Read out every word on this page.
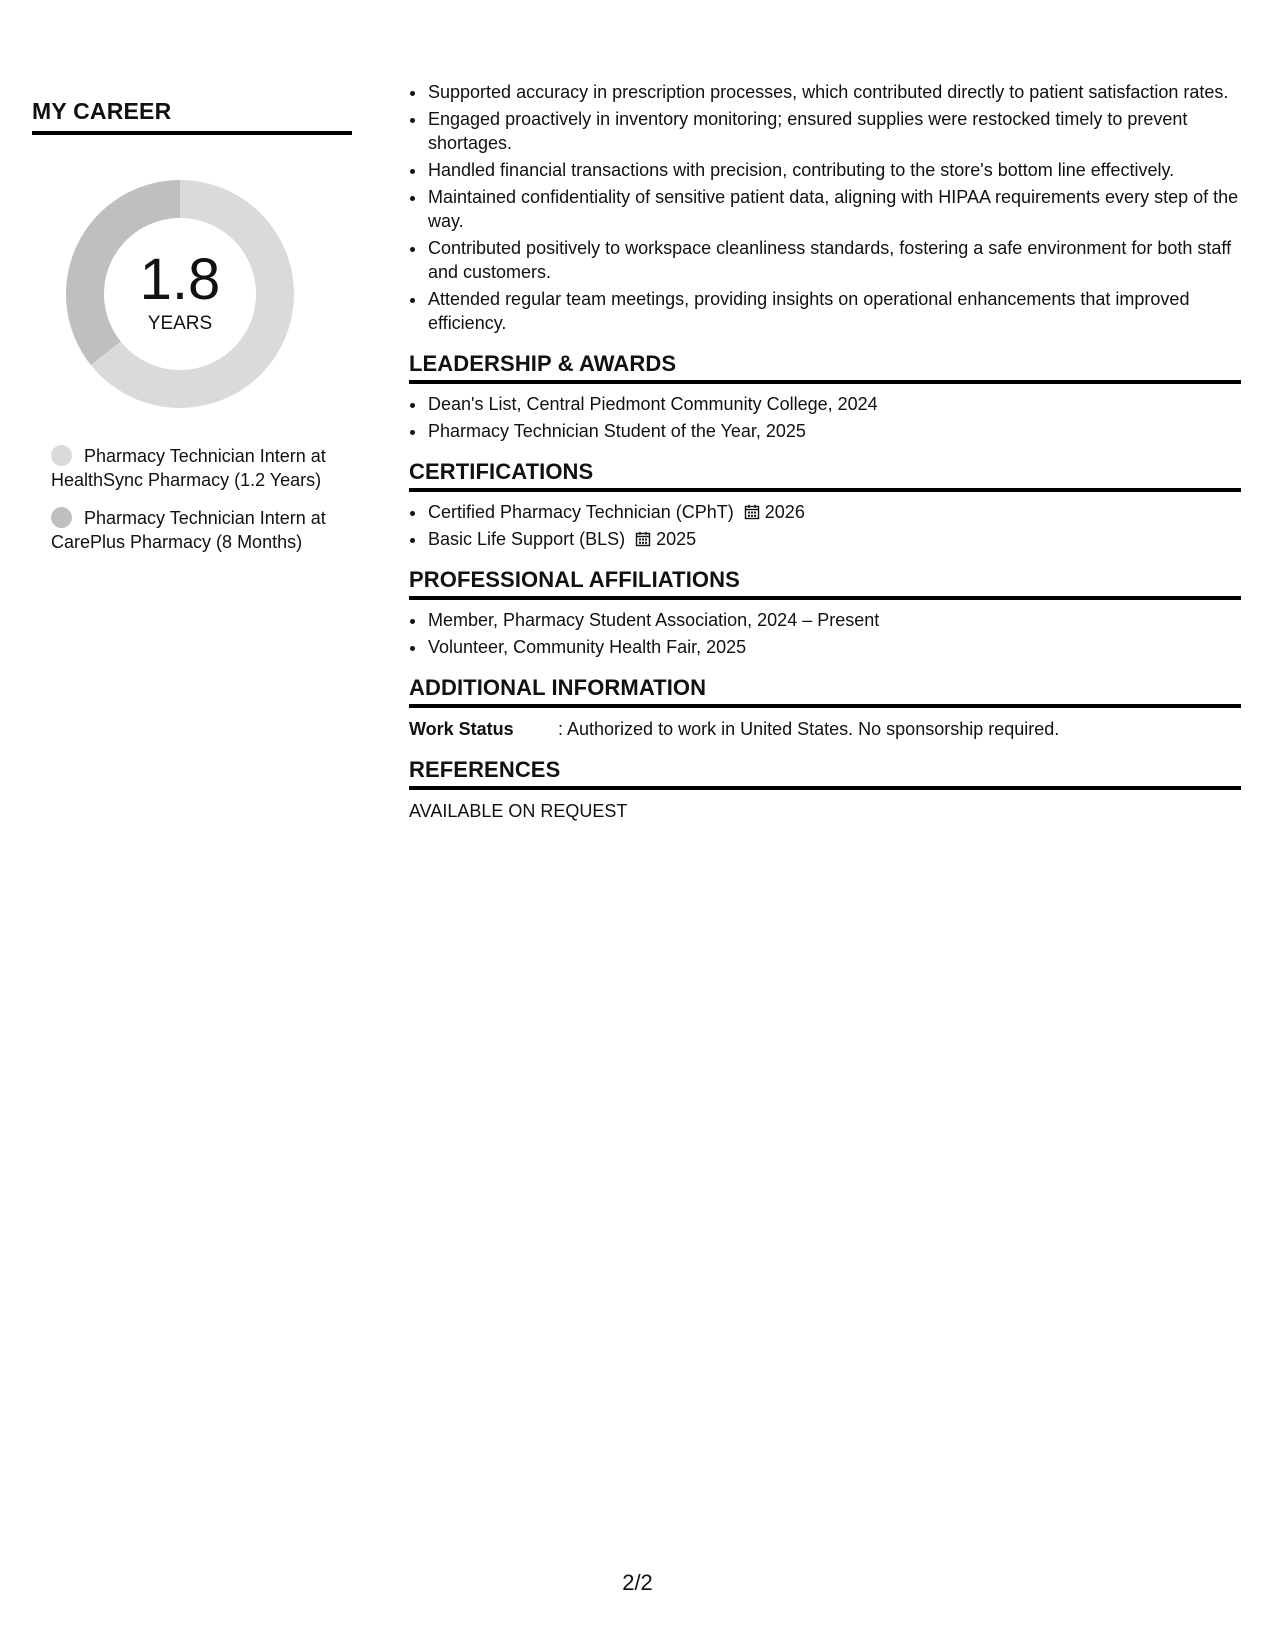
MY CAREER
1.8
YEARS
Pharmacy Technician Intern at HealthSync Pharmacy (1.2 Years)
Pharmacy Technician Intern at CarePlus Pharmacy (8 Months)
• Supported accuracy in prescription processes, which contributed directly to patient satisfaction rates.
• Engaged proactively in inventory monitoring; ensured supplies were restocked timely to prevent shortages.
• Handled financial transactions with precision, contributing to the store's bottom line effectively.
• Maintained confidentiality of sensitive patient data, aligning with HIPAA requirements every step of the way.
• Contributed positively to workspace cleanliness standards, fostering a safe environment for both staff and customers.
• Attended regular team meetings, providing insights on operational enhancements that improved efficiency.
LEADERSHIP & AWARDS
• Dean's List, Central Piedmont Community College, 2024
• Pharmacy Technician Student of the Year, 2025
CERTIFICATIONS
• Certified Pharmacy Technician (CPhT) 2026
• Basic Life Support (BLS) 2025
PROFESSIONAL AFFILIATIONS
• Member, Pharmacy Student Association, 2024 – Present
• Volunteer, Community Health Fair, 2025
ADDITIONAL INFORMATION
Work Status	: Authorized to work in United States. No sponsorship required.
REFERENCES
AVAILABLE ON REQUEST
2/2
